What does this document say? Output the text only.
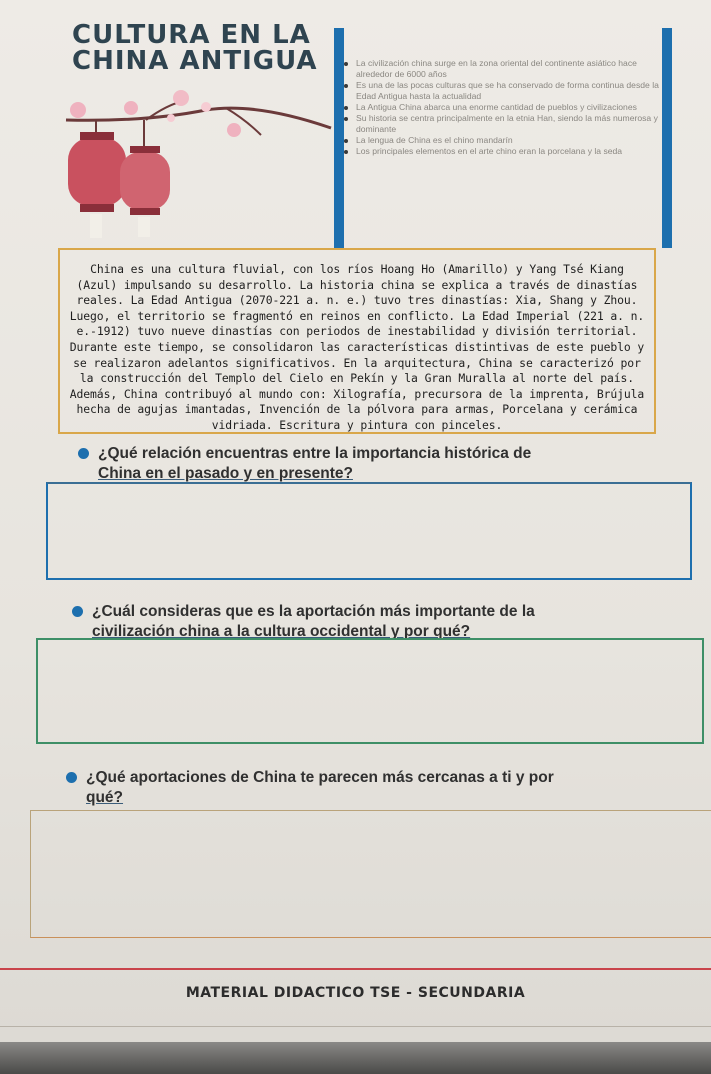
CULTURA EN LA
CHINA ANTIGUA	La civilización china surge en la zona oriental del continente asiático hace alrededor de 6000 años
Es una de las pocas culturas que se ha conservado de forma continua desde la Edad Antigua hasta la actualidad
La Antigua China abarca una enorme cantidad de pueblos y civilizaciones
Su historia se centra principalmente en la etnia Han, siendo la más numerosa y dominante
La lengua de China es el chino mandarín
Los principales elementos en el arte chino eran la porcelana y la seda
China es una cultura fluvial, con los ríos Hoang Ho (Amarillo) y Yang Tsé Kiang
(Azul) impulsando su desarrollo. La historia china se explica a través de dinastías
reales. La Edad Antigua (2070-221 a. n. e.) tuvo tres dinastías: Xia, Shang y Zhou.
Luego, el territorio se fragmentó en reinos en conflicto. La Edad Imperial (221 a. n.
e.-1912) tuvo nueve dinastías con periodos de inestabilidad y división territorial.
Durante este tiempo, se consolidaron las características distintivas de este pueblo y
se realizaron adelantos significativos. En la arquitectura, China se caracterizó por
la construcción del Templo del Cielo en Pekín y la Gran Muralla al norte del país.
Además, China contribuyó al mundo con: Xilografía, precursora de la imprenta, Brújula
hecha de agujas imantadas, Invención de la pólvora para armas, Porcelana y cerámica
vidriada. Escritura y pintura con pinceles.
¿Qué relación encuentras entre la importancia histórica de
China en el pasado y en presente?
¿Cuál consideras que es la aportación más importante de la
civilización china a la cultura occidental y por qué?
¿Qué aportaciones de China te parecen más cercanas a ti y por
qué?
MATERIAL DIDACTICO TSE - SECUNDARIA
